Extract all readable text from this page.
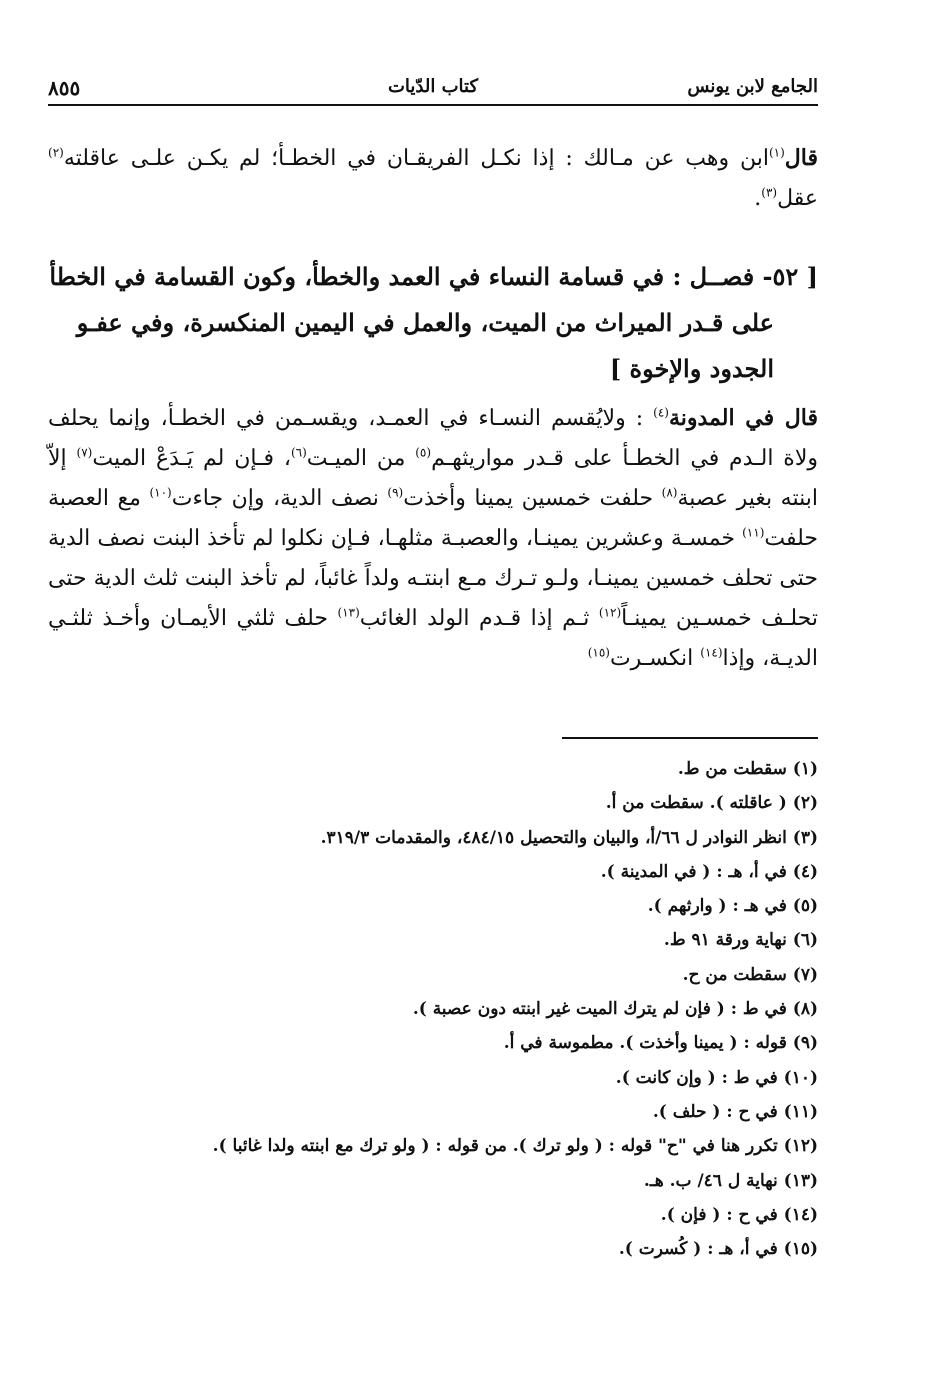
الجامع لابن يونس
كتاب الدّيات
٨٥٥
قال$^{(١)}$ابن وهب عن مـالك : إذا نكـل الفريقـان في الخطـأ؛ لم يكـن علـى عاقلته$^{(٢)}$ عقل$^{(٣)}$.
[ ٥٢- فصــل : في قسامة النساء في العمد والخطأ، وكون القسامة في الخطأ
على قـدر الميراث من الميت، والعمل في اليمين المنكسرة، وفي عفـو
الجدود والإخوة ]
قال في المدونة$^{(٤)}$ : ولايُقسم النسـاء في العمـد، ويقسـمن في الخطـأ، وإنما يحلف ولاة الـدم في الخطـأ على قـدر مواريثهـم$^{(٥)}$ من الميـت$^{(٦)}$، فـإن لم يَـدَعْ الميت$^{(٧)}$ إلاّ ابنته بغير عصبة$^{(٨)}$ حلفت خمسين يمينا وأخذت$^{(٩)}$ نصف الدية، وإن جاءت$^{(١٠)}$ مع العصبة حلفت$^{(١١)}$ خمسـة وعشرين يمينـا، والعصبـة مثلهـا، فـإن نكلوا لم تأخذ البنت نصف الدية حتى تحلف خمسين يمينـا، ولـو تـرك مـع ابنتـه ولداً غائباً، لم تأخذ البنت ثلث الدية حتى تحلـف خمسـين يمينـاً$^{(١٢)}$ ثـم إذا قـدم الولد الغائب$^{(١٣)}$ حلف ثلثي الأيمـان وأخـذ ثلثـي الديـة، وإذا$^{(١٤)}$ انكسـرت$^{(١٥)}$
(١) سقطت من ط.
(٢) ( عاقلته ). سقطت من أ.
(٣) انظر النوادر ل ٦٦/أ، والبيان والتحصيل ٤٨٤/١٥، والمقدمات ٣١٩/٣.
(٤) في أ، هـ : ( في المدينة ).
(٥) في هـ : ( وارثهم ).
(٦) نهاية ورقة ٩١ ط.
(٧) سقطت من ح.
(٨) في ط : ( فإن لم يترك الميت غير ابنته دون عصبة ).
(٩) قوله : ( يمينا وأخذت ). مطموسة في أ.
(١٠) في ط : ( وإن كانت ).
(١١) في ح : ( حلف ).
(١٢) تكرر هنا في "ح" قوله : ( ولو ترك ). من قوله : ( ولو ترك مع ابنته ولدا غائبا ).
(١٣) نهاية ل ٤٦/ ب. هـ.
(١٤) في ح : ( فإن ).
(١٥) في أ، هـ : ( كُسرت ).
